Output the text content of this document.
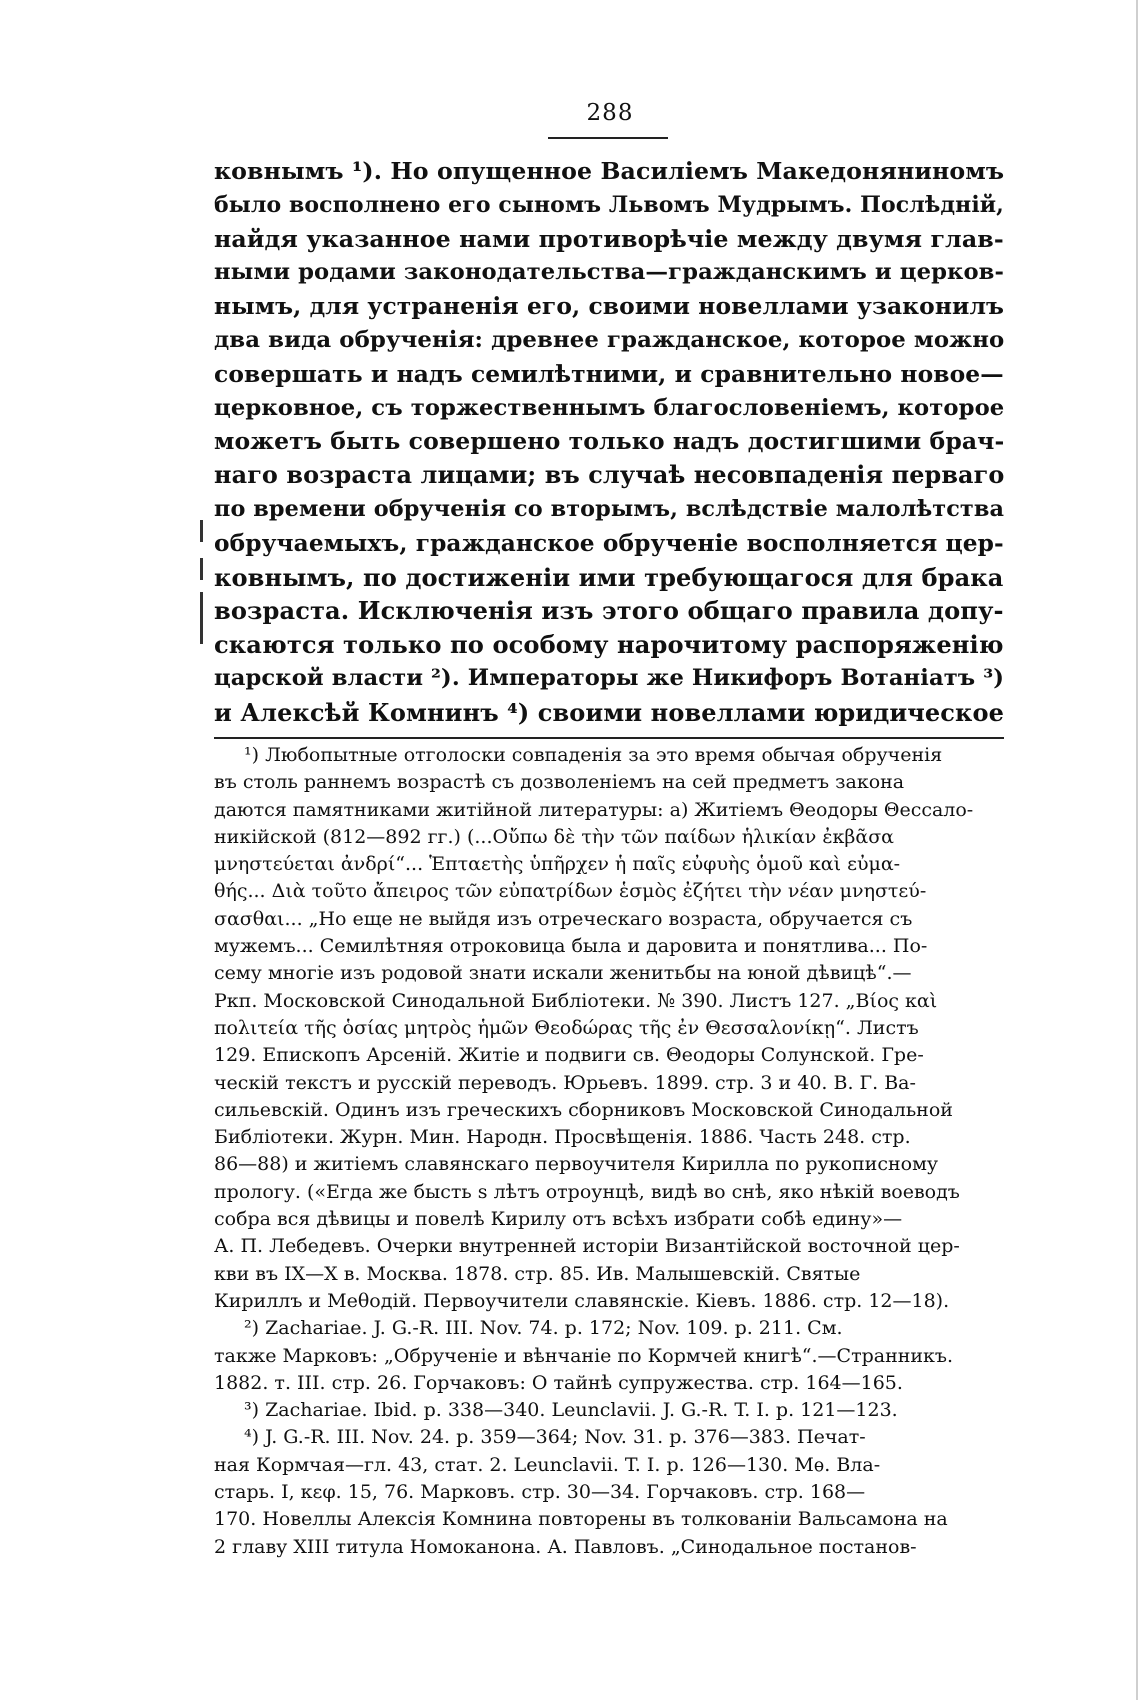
288
ковнымъ ¹). Но опущенное Василіемъ Македоняниномъ
было восполнено его сыномъ Львомъ Мудрымъ. Послѣдній,
найдя указанное нами противорѣчіе между двумя глав-
ными родами законодательства—гражданскимъ и церков-
нымъ, для устраненія его, своими новеллами узаконилъ
два вида обрученія: древнее гражданское, которое можно
совершать и надъ семилѣтними, и сравнительно новое—
церковное, съ торжественнымъ благословеніемъ, которое
можетъ быть совершено только надъ достигшими брач-
наго возраста лицами; въ случаѣ несовпаденія перваго
по времени обрученія со вторымъ, вслѣдствіе малолѣтства
обручаемыхъ, гражданское обрученіе восполняется цер-
ковнымъ, по достиженіи ими требующагося для брака
возраста. Исключенія изъ этого общаго правила допу-
скаются только по особому нарочитому распоряженію
царской власти ²). Императоры же Никифоръ Вотаніатъ ³)
и Алексѣй Комнинъ ⁴) своими новеллами юридическое
¹) Любопытные отголоски совпаденія за это время обычая обрученія
въ столь раннемъ возрастѣ съ дозволеніемъ на сей предметъ закона
даются памятниками житійной литературы: а) Житіемъ Θеодоры Θессало-
никійской (812—892 гг.) (...Οὔπω δὲ τὴν τῶν παίδων ἡλικίαν ἐκβᾶσα
μνηστεύεται ἀνδρί“... Ἑπταετὴς ὑπῆρχεν ἡ παῖς εὐφυὴς ὁμοῦ καὶ εὐμα-
θής... Διὰ τοῦτο ἄπειρος τῶν εὐπατρίδων ἑσμὸς ἐζήτει τὴν νέαν μνηστεύ-
σασθαι... „Но еще не выйдя изъ отреческаго возраста, обручается съ
мужемъ... Семилѣтняя отроковица была и даровита и понятлива... По-
сему многіе изъ родовой знати искали женитьбы на юной дѣвицѣ“.—
Ркп. Московской Синодальной Библіотеки. № 390. Листъ 127. „Βίος καὶ
πολιτεία τῆς ὁσίας μητρὸς ἡμῶν Θεοδώρας τῆς ἐν Θεσσαλονίκῃ“. Листъ
129. Епископъ Арсеній. Житіе и подвиги св. Θеодоры Солунской. Гре-
ческій текстъ и русскій переводъ. Юрьевъ. 1899. стр. 3 и 40. В. Г. Ва-
сильевскій. Одинъ изъ греческихъ сборниковъ Московской Синодальной
Библіотеки. Журн. Мин. Народн. Просвѣщенія. 1886. Часть 248. стр.
86—88) и житіемъ славянскаго первоучителя Кирилла по рукописному
прологу. («Егда же бысть ѕ лѣтъ отроунцѣ, видѣ во снѣ, яко нѣкій воеводъ
собра вся дѣвицы и повелѣ Кирилу отъ всѣхъ избрати собѣ едину»—
А. П. Лебедевъ. Очерки внутренней исторіи Византійской восточной цер-
кви въ IX—X в. Москва. 1878. стр. 85. Ив. Малышевскій. Святые
Кириллъ и Меθодій. Первоучители славянскіе. Кіевъ. 1886. стр. 12—18).
²) Zachariae. J. G.-R. III. Nov. 74. p. 172; Nov. 109. p. 211. См.
также Марковъ: „Обрученіе и вѣнчаніе по Кормчей книгѣ“.—Странникъ.
1882. т. III. стр. 26. Горчаковъ: О тайнѣ супружества. стр. 164—165.
³) Zachariae. Ibid. p. 338—340. Leunclavii. J. G.-R. T. I. p. 121—123.
⁴) J. G.-R. III. Nov. 24. p. 359—364; Nov. 31. p. 376—383. Печат-
ная Кормчая—гл. 43, стат. 2. Leunclavii. T. I. p. 126—130. Мѳ. Вла-
старь. I, κεφ. 15, 76. Марковъ. стр. 30—34. Горчаковъ. стр. 168—
170. Новеллы Алексія Комнина повторены въ толкованіи Вальсамона на
2 главу XIII титула Номоканона. А. Павловъ. „Синодальное постанов-
